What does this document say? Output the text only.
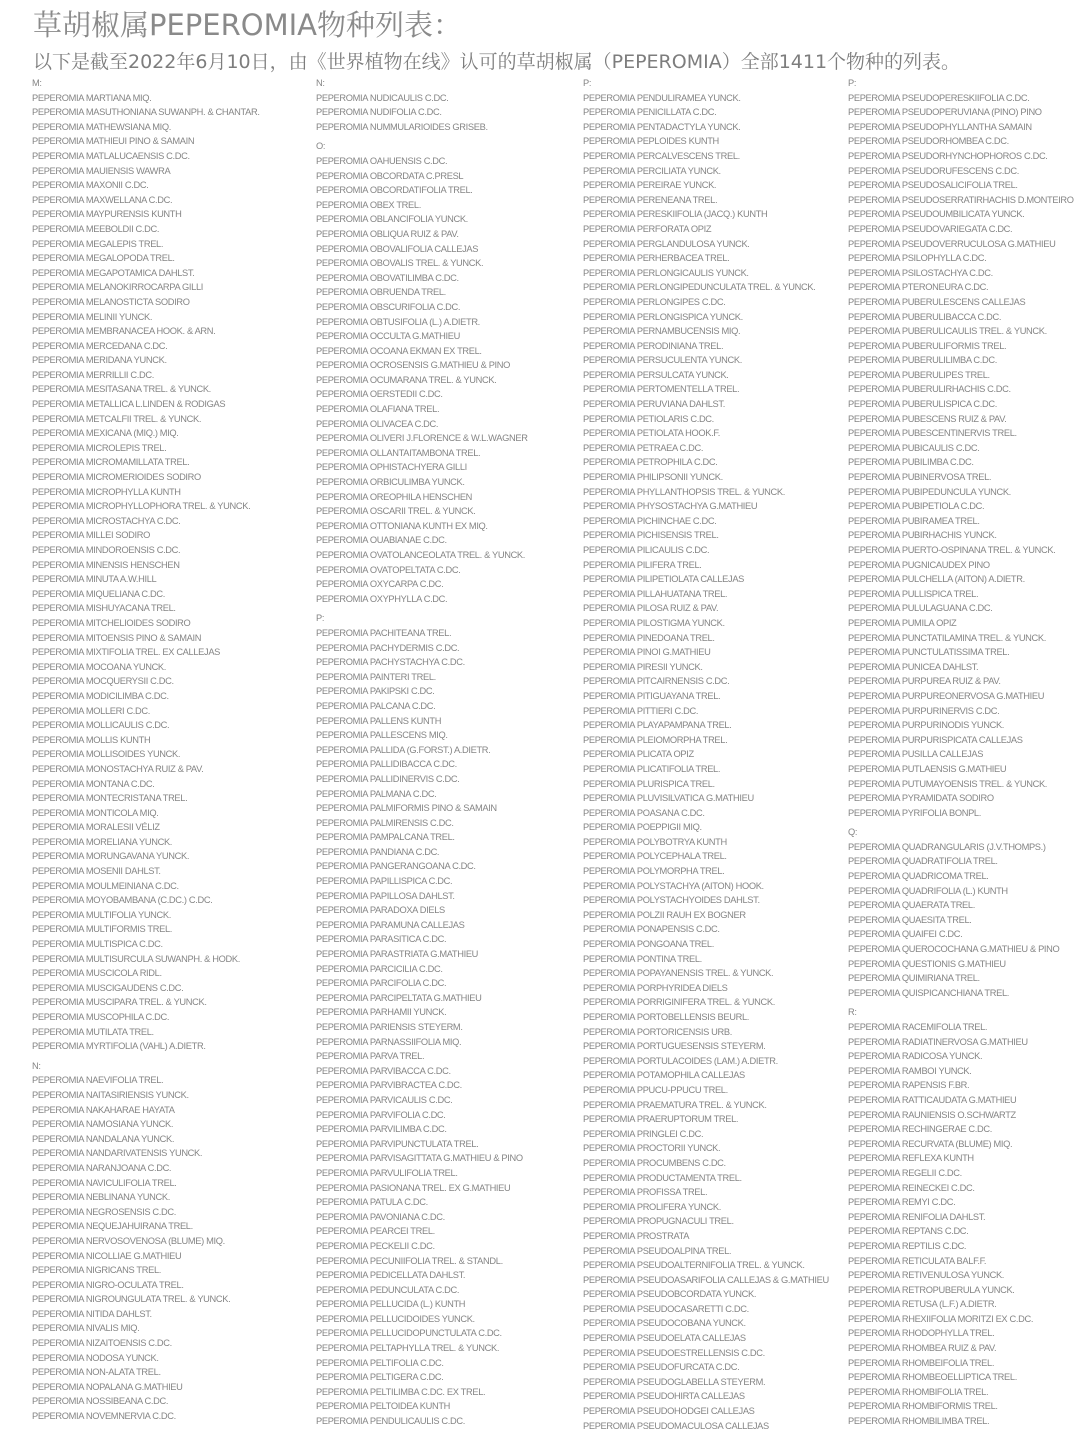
草胡椒属PEPEROMIA物种列表：
以下是截至2022年6月10日，由《世界植物在线》认可的草胡椒属（PEPEROMIA）全部1411个物种的列表。
M:
PEPEROMIA MARTIANA MIQ.
PEPEROMIA MASUTHONIANA SUWANPH. & CHANTAR.
PEPEROMIA MATHEWSIANA MIQ.
PEPEROMIA MATHIEUI PINO & SAMAIN
PEPEROMIA MATLALUCAENSIS C.DC.
PEPEROMIA MAUIENSIS WAWRA
PEPEROMIA MAXONII C.DC.
PEPEROMIA MAXWELLANA C.DC.
PEPEROMIA MAYPURENSIS KUNTH
PEPEROMIA MEEBOLDII C.DC.
PEPEROMIA MEGALEPIS TREL.
PEPEROMIA MEGALOPODA TREL.
PEPEROMIA MEGAPOTAMICA DAHLST.
PEPEROMIA MELANOKIRROCARPA GILLI
PEPEROMIA MELANOSTICTA SODIRO
PEPEROMIA MELINII YUNCK.
PEPEROMIA MEMBRANACEA HOOK. & ARN.
PEPEROMIA MERCEDANA C.DC.
PEPEROMIA MERIDANA YUNCK.
PEPEROMIA MERRILLII C.DC.
PEPEROMIA MESITASANA TREL. & YUNCK.
PEPEROMIA METALLICA L.LINDEN & RODIGAS
PEPEROMIA METCALFII TREL. & YUNCK.
PEPEROMIA MEXICANA (MIQ.) MIQ.
PEPEROMIA MICROLEPIS TREL.
PEPEROMIA MICROMAMILLATA TREL.
PEPEROMIA MICROMERIOIDES SODIRO
PEPEROMIA MICROPHYLLA KUNTH
PEPEROMIA MICROPHYLLOPHORA TREL. & YUNCK.
PEPEROMIA MICROSTACHYA C.DC.
PEPEROMIA MILLEI SODIRO
PEPEROMIA MINDOROENSIS C.DC.
PEPEROMIA MINENSIS HENSCHEN
PEPEROMIA MINUTA A.W.HILL
PEPEROMIA MIQUELIANA C.DC.
PEPEROMIA MISHUYACANA TREL.
PEPEROMIA MITCHELIOIDES SODIRO
PEPEROMIA MITOENSIS PINO & SAMAIN
PEPEROMIA MIXTIFOLIA TREL. EX CALLEJAS
PEPEROMIA MOCOANA YUNCK.
PEPEROMIA MOCQUERYSII C.DC.
PEPEROMIA MODICILIMBA C.DC.
PEPEROMIA MOLLERI C.DC.
PEPEROMIA MOLLICAULIS C.DC.
PEPEROMIA MOLLIS KUNTH
PEPEROMIA MOLLISOIDES YUNCK.
PEPEROMIA MONOSTACHYA RUIZ & PAV.
PEPEROMIA MONTANA C.DC.
PEPEROMIA MONTECRISTANA TREL.
PEPEROMIA MONTICOLA MIQ.
PEPEROMIA MORALESII VÉLIZ
PEPEROMIA MORELIANA YUNCK.
PEPEROMIA MORUNGAVANA YUNCK.
PEPEROMIA MOSENII DAHLST.
PEPEROMIA MOULMEINIANA C.DC.
PEPEROMIA MOYOBAMBANA (C.DC.) C.DC.
PEPEROMIA MULTIFOLIA YUNCK.
PEPEROMIA MULTIFORMIS TREL.
PEPEROMIA MULTISPICA C.DC.
PEPEROMIA MULTISURCULA SUWANPH. & HODK.
PEPEROMIA MUSCICOLA RIDL.
PEPEROMIA MUSCIGAUDENS C.DC.
PEPEROMIA MUSCIPARA TREL. & YUNCK.
PEPEROMIA MUSCOPHILA C.DC.
PEPEROMIA MUTILATA TREL.
PEPEROMIA MYRTIFOLIA (VAHL) A.DIETR.
N:
PEPEROMIA NAEVIFOLIA TREL.
PEPEROMIA NAITASIRIENSIS YUNCK.
PEPEROMIA NAKAHARAE HAYATA
PEPEROMIA NAMOSIANA YUNCK.
PEPEROMIA NANDALANA YUNCK.
PEPEROMIA NANDARIVATENSIS YUNCK.
PEPEROMIA NARANJOANA C.DC.
PEPEROMIA NAVICULIFOLIA TREL.
PEPEROMIA NEBLINANA YUNCK.
PEPEROMIA NEGROSENSIS C.DC.
PEPEROMIA NEQUEJAHUIRANA TREL.
PEPEROMIA NERVOSOVENOSA (BLUME) MIQ.
PEPEROMIA NICOLLIAE G.MATHIEU
PEPEROMIA NIGRICANS TREL.
PEPEROMIA NIGRO-OCULATA TREL.
PEPEROMIA NIGROUNGULATA TREL. & YUNCK.
PEPEROMIA NITIDA DAHLST.
PEPEROMIA NIVALIS MIQ.
PEPEROMIA NIZAITOENSIS C.DC.
PEPEROMIA NODOSA YUNCK.
PEPEROMIA NON-ALATA TREL.
PEPEROMIA NOPALANA G.MATHIEU
PEPEROMIA NOSSIBEANA C.DC.
PEPEROMIA NOVEMNERVIA C.DC.
N:
PEPEROMIA NUDICAULIS C.DC.
PEPEROMIA NUDIFOLIA C.DC.
PEPEROMIA NUMMULARIOIDES GRISEB.
O:
PEPEROMIA OAHUENSIS C.DC.
PEPEROMIA OBCORDATA C.PRESL
PEPEROMIA OBCORDATIFOLIA TREL.
PEPEROMIA OBEX TREL.
PEPEROMIA OBLANCIFOLIA YUNCK.
PEPEROMIA OBLIQUA RUIZ & PAV.
PEPEROMIA OBOVALIFOLIA CALLEJAS
PEPEROMIA OBOVALIS TREL. & YUNCK.
PEPEROMIA OBOVATILIMBA C.DC.
PEPEROMIA OBRUENDA TREL.
PEPEROMIA OBSCURIFOLIA C.DC.
PEPEROMIA OBTUSIFOLIA (L.) A.DIETR.
PEPEROMIA OCCULTA G.MATHIEU
PEPEROMIA OCOANA EKMAN EX TREL.
PEPEROMIA OCROSENSIS G.MATHIEU & PINO
PEPEROMIA OCUMARANA TREL. & YUNCK.
PEPEROMIA OERSTEDII C.DC.
PEPEROMIA OLAFIANA TREL.
PEPEROMIA OLIVACEA C.DC.
PEPEROMIA OLIVERI J.FLORENCE & W.L.WAGNER
PEPEROMIA OLLANTAITAMBONA TREL.
PEPEROMIA OPHISTACHYERA GILLI
PEPEROMIA ORBICULIMBA YUNCK.
PEPEROMIA OREOPHILA HENSCHEN
PEPEROMIA OSCARII TREL. & YUNCK.
PEPEROMIA OTTONIANA KUNTH EX MIQ.
PEPEROMIA OUABIANAE C.DC.
PEPEROMIA OVATOLANCEOLATA TREL. & YUNCK.
PEPEROMIA OVATOPELTATA C.DC.
PEPEROMIA OXYCARPA C.DC.
PEPEROMIA OXYPHYLLA C.DC.
P:
PEPEROMIA PACHITEANA TREL.
PEPEROMIA PACHYDERMIS C.DC.
PEPEROMIA PACHYSTACHYA C.DC.
PEPEROMIA PAINTERI TREL.
PEPEROMIA PAKIPSKI C.DC.
PEPEROMIA PALCANA C.DC.
PEPEROMIA PALLENS KUNTH
PEPEROMIA PALLESCENS MIQ.
PEPEROMIA PALLIDA (G.FORST.) A.DIETR.
PEPEROMIA PALLIDIBACCA C.DC.
PEPEROMIA PALLIDINERVIS C.DC.
PEPEROMIA PALMANA C.DC.
PEPEROMIA PALMIFORMIS PINO & SAMAIN
PEPEROMIA PALMIRENSIS C.DC.
PEPEROMIA PAMPALCANA TREL.
PEPEROMIA PANDIANA C.DC.
PEPEROMIA PANGERANGOANA C.DC.
PEPEROMIA PAPILLISPICA C.DC.
PEPEROMIA PAPILLOSA DAHLST.
PEPEROMIA PARADOXA DIELS
PEPEROMIA PARAMUNA CALLEJAS
PEPEROMIA PARASITICA C.DC.
PEPEROMIA PARASTRIATA G.MATHIEU
PEPEROMIA PARCICILIA C.DC.
PEPEROMIA PARCIFOLIA C.DC.
PEPEROMIA PARCIPELTATA G.MATHIEU
PEPEROMIA PARHAMII YUNCK.
PEPEROMIA PARIENSIS STEYERM.
PEPEROMIA PARNASSIIFOLIA MIQ.
PEPEROMIA PARVA TREL.
PEPEROMIA PARVIBACCA C.DC.
PEPEROMIA PARVIBRACTEA C.DC.
PEPEROMIA PARVICAULIS C.DC.
PEPEROMIA PARVIFOLIA C.DC.
PEPEROMIA PARVILIMBA C.DC.
PEPEROMIA PARVIPUNCTULATA TREL.
PEPEROMIA PARVISAGITTATA G.MATHIEU & PINO
PEPEROMIA PARVULIFOLIA TREL.
PEPEROMIA PASIONANA TREL. EX G.MATHIEU
PEPEROMIA PATULA C.DC.
PEPEROMIA PAVONIANA C.DC.
PEPEROMIA PEARCEI TREL.
PEPEROMIA PECKELII C.DC.
PEPEROMIA PECUNIIFOLIA TREL. & STANDL.
PEPEROMIA PEDICELLATA DAHLST.
PEPEROMIA PEDUNCULATA C.DC.
PEPEROMIA PELLUCIDA (L.) KUNTH
PEPEROMIA PELLUCIDOIDES YUNCK.
PEPEROMIA PELLUCIDOPUNCTULATA C.DC.
PEPEROMIA PELTAPHYLLA TREL. & YUNCK.
PEPEROMIA PELTIFOLIA C.DC.
PEPEROMIA PELTIGERA C.DC.
PEPEROMIA PELTILIMBA C.DC. EX TREL.
PEPEROMIA PELTOIDEA KUNTH
PEPEROMIA PENDULICAULIS C.DC.
P:
PEPEROMIA PENDULIRAMEA YUNCK.
PEPEROMIA PENICILLATA C.DC.
PEPEROMIA PENTADACTYLA YUNCK.
PEPEROMIA PEPLOIDES KUNTH
PEPEROMIA PERCALVESCENS TREL.
PEPEROMIA PERCILIATA YUNCK.
PEPEROMIA PEREIRAE YUNCK.
PEPEROMIA PERENEANA TREL.
PEPEROMIA PERESKIIFOLIA (JACQ.) KUNTH
PEPEROMIA PERFORATA OPIZ
PEPEROMIA PERGLANDULOSA YUNCK.
PEPEROMIA PERHERBACEA TREL.
PEPEROMIA PERLONGICAULIS YUNCK.
PEPEROMIA PERLONGIPEDUNCULATA TREL. & YUNCK.
PEPEROMIA PERLONGIPES C.DC.
PEPEROMIA PERLONGISPICA YUNCK.
PEPEROMIA PERNAMBUCENSIS MIQ.
PEPEROMIA PERODINIANA TREL.
PEPEROMIA PERSUCULENTA YUNCK.
PEPEROMIA PERSULCATA YUNCK.
PEPEROMIA PERTOMENTELLA TREL.
PEPEROMIA PERUVIANA DAHLST.
PEPEROMIA PETIOLARIS C.DC.
PEPEROMIA PETIOLATA HOOK.F.
PEPEROMIA PETRAEA C.DC.
PEPEROMIA PETROPHILA C.DC.
PEPEROMIA PHILIPSONII YUNCK.
PEPEROMIA PHYLLANTHOPSIS TREL. & YUNCK.
PEPEROMIA PHYSOSTACHYA G.MATHIEU
PEPEROMIA PICHINCHAE C.DC.
PEPEROMIA PICHISENSIS TREL.
PEPEROMIA PILICAULIS C.DC.
PEPEROMIA PILIFERA TREL.
PEPEROMIA PILIPETIOLATA CALLEJAS
PEPEROMIA PILLAHUATANA TREL.
PEPEROMIA PILOSA RUIZ & PAV.
PEPEROMIA PILOSTIGMA YUNCK.
PEPEROMIA PINEDOANA TREL.
PEPEROMIA PINOI G.MATHIEU
PEPEROMIA PIRESII YUNCK.
PEPEROMIA PITCAIRNENSIS C.DC.
PEPEROMIA PITIGUAYANA TREL.
PEPEROMIA PITTIERI C.DC.
PEPEROMIA PLAYAPAMPANA TREL.
PEPEROMIA PLEIOMORPHA TREL.
PEPEROMIA PLICATA OPIZ
PEPEROMIA PLICATIFOLIA TREL.
PEPEROMIA PLURISPICA TREL.
PEPEROMIA PLUVISILVATICA G.MATHIEU
PEPEROMIA POASANA C.DC.
PEPEROMIA POEPPIGII MIQ.
PEPEROMIA POLYBOTRYA KUNTH
PEPEROMIA POLYCEPHALA TREL.
PEPEROMIA POLYMORPHA TREL.
PEPEROMIA POLYSTACHYA (AITON) HOOK.
PEPEROMIA POLYSTACHYOIDES DAHLST.
PEPEROMIA POLZII RAUH EX BOGNER
PEPEROMIA PONAPENSIS C.DC.
PEPEROMIA PONGOANA TREL.
PEPEROMIA PONTINA TREL.
PEPEROMIA POPAYANENSIS TREL. & YUNCK.
PEPEROMIA PORPHYRIDEA DIELS
PEPEROMIA PORRIGINIFERA TREL. & YUNCK.
PEPEROMIA PORTOBELLENSIS BEURL.
PEPEROMIA PORTORICENSIS URB.
PEPEROMIA PORTUGUESENSIS STEYERM.
PEPEROMIA PORTULACOIDES (LAM.) A.DIETR.
PEPEROMIA POTAMOPHILA CALLEJAS
PEPEROMIA PPUCU-PPUCU TREL.
PEPEROMIA PRAEMATURA TREL. & YUNCK.
PEPEROMIA PRAERUPTORUM TREL.
PEPEROMIA PRINGLEI C.DC.
PEPEROMIA PROCTORII YUNCK.
PEPEROMIA PROCUMBENS C.DC.
PEPEROMIA PRODUCTAMENTA TREL.
PEPEROMIA PROFISSA TREL.
PEPEROMIA PROLIFERA YUNCK.
PEPEROMIA PROPUGNACULI TREL.
PEPEROMIA PROSTRATA
PEPEROMIA PSEUDOALPINA TREL.
PEPEROMIA PSEUDOALTERNIFOLIA TREL. & YUNCK.
PEPEROMIA PSEUDOASARIFOLIA CALLEJAS & G.MATHIEU
PEPEROMIA PSEUDOBCORDATA YUNCK.
PEPEROMIA PSEUDOCASARETTI C.DC.
PEPEROMIA PSEUDOCOBANA YUNCK.
PEPEROMIA PSEUDOELATA CALLEJAS
PEPEROMIA PSEUDOESTRELLENSIS C.DC.
PEPEROMIA PSEUDOFURCATA C.DC.
PEPEROMIA PSEUDOGLABELLA STEYERM.
PEPEROMIA PSEUDOHIRTA CALLEJAS
PEPEROMIA PSEUDOHODGEI CALLEJAS
PEPEROMIA PSEUDOMACULOSA CALLEJAS
P:
PEPEROMIA PSEUDOPERESKIIFOLIA C.DC.
PEPEROMIA PSEUDOPERUVIANA (PINO) PINO
PEPEROMIA PSEUDOPHYLLANTHA SAMAIN
PEPEROMIA PSEUDORHOMBEA C.DC.
PEPEROMIA PSEUDORHYNCHOPHOROS C.DC.
PEPEROMIA PSEUDORUFESCENS C.DC.
PEPEROMIA PSEUDOSALICIFOLIA TREL.
PEPEROMIA PSEUDOSERRATIRHACHIS D.MONTEIRO
PEPEROMIA PSEUDOUMBILICATA YUNCK.
PEPEROMIA PSEUDOVARIEGATA C.DC.
PEPEROMIA PSEUDOVERRUCULOSA G.MATHIEU
PEPEROMIA PSILOPHYLLA C.DC.
PEPEROMIA PSILOSTACHYA C.DC.
PEPEROMIA PTERONEURA C.DC.
PEPEROMIA PUBERULESCENS CALLEJAS
PEPEROMIA PUBERULIBACCA C.DC.
PEPEROMIA PUBERULICAULIS TREL. & YUNCK.
PEPEROMIA PUBERULIFORMIS TREL.
PEPEROMIA PUBERULILIMBA C.DC.
PEPEROMIA PUBERULIPES TREL.
PEPEROMIA PUBERULIRHACHIS C.DC.
PEPEROMIA PUBERULISPICA C.DC.
PEPEROMIA PUBESCENS RUIZ & PAV.
PEPEROMIA PUBESCENTINERVIS TREL.
PEPEROMIA PUBICAULIS C.DC.
PEPEROMIA PUBILIMBA C.DC.
PEPEROMIA PUBINERVOSA TREL.
PEPEROMIA PUBIPEDUNCULA YUNCK.
PEPEROMIA PUBIPETIOLA C.DC.
PEPEROMIA PUBIRAMEA TREL.
PEPEROMIA PUBIRHACHIS YUNCK.
PEPEROMIA PUERTO-OSPINANA TREL. & YUNCK.
PEPEROMIA PUGNICAUDEX PINO
PEPEROMIA PULCHELLA (AITON) A.DIETR.
PEPEROMIA PULLISPICA TREL.
PEPEROMIA PULULAGUANA C.DC.
PEPEROMIA PUMILA OPIZ
PEPEROMIA PUNCTATILAMINA TREL. & YUNCK.
PEPEROMIA PUNCTULATISSIMA TREL.
PEPEROMIA PUNICEA DAHLST.
PEPEROMIA PURPUREA RUIZ & PAV.
PEPEROMIA PURPUREONERVOSA G.MATHIEU
PEPEROMIA PURPURINERVIS C.DC.
PEPEROMIA PURPURINODIS YUNCK.
PEPEROMIA PURPURISPICATA CALLEJAS
PEPEROMIA PUSILLA CALLEJAS
PEPEROMIA PUTLAENSIS G.MATHIEU
PEPEROMIA PUTUMAYOENSIS TREL. & YUNCK.
PEPEROMIA PYRAMIDATA SODIRO
PEPEROMIA PYRIFOLIA BONPL.
Q:
PEPEROMIA QUADRANGULARIS (J.V.THOMPS.)
PEPEROMIA QUADRATIFOLIA TREL.
PEPEROMIA QUADRICOMA TREL.
PEPEROMIA QUADRIFOLIA (L.) KUNTH
PEPEROMIA QUAERATA TREL.
PEPEROMIA QUAESITA TREL.
PEPEROMIA QUAIFEI C.DC.
PEPEROMIA QUEROCOCHANA G.MATHIEU & PINO
PEPEROMIA QUESTIONIS G.MATHIEU
PEPEROMIA QUIMIRIANA TREL.
PEPEROMIA QUISPICANCHIANA TREL.
R:
PEPEROMIA RACEMIFOLIA TREL.
PEPEROMIA RADIATINERVOSA G.MATHIEU
PEPEROMIA RADICOSA YUNCK.
PEPEROMIA RAMBOI YUNCK.
PEPEROMIA RAPENSIS F.BR.
PEPEROMIA RATTICAUDATA G.MATHIEU
PEPEROMIA RAUNIENSIS O.SCHWARTZ
PEPEROMIA RECHINGERAE C.DC.
PEPEROMIA RECURVATA (BLUME) MIQ.
PEPEROMIA REFLEXA KUNTH
PEPEROMIA REGELII C.DC.
PEPEROMIA REINECKEI C.DC.
PEPEROMIA REMYI C.DC.
PEPEROMIA RENIFOLIA DAHLST.
PEPEROMIA REPTANS C.DC.
PEPEROMIA REPTILIS C.DC.
PEPEROMIA RETICULATA BALF.F.
PEPEROMIA RETIVENULOSA YUNCK.
PEPEROMIA RETROPUBERULA YUNCK.
PEPEROMIA RETUSA (L.F.) A.DIETR.
PEPEROMIA RHEXIIFOLIA MORITZI EX C.DC.
PEPEROMIA RHODOPHYLLA TREL.
PEPEROMIA RHOMBEA RUIZ & PAV.
PEPEROMIA RHOMBEIFOLIA TREL.
PEPEROMIA RHOMBEOELLIPTICA TREL.
PEPEROMIA RHOMBIFOLIA TREL.
PEPEROMIA RHOMBIFORMIS TREL.
PEPEROMIA RHOMBILIMBA TREL.
